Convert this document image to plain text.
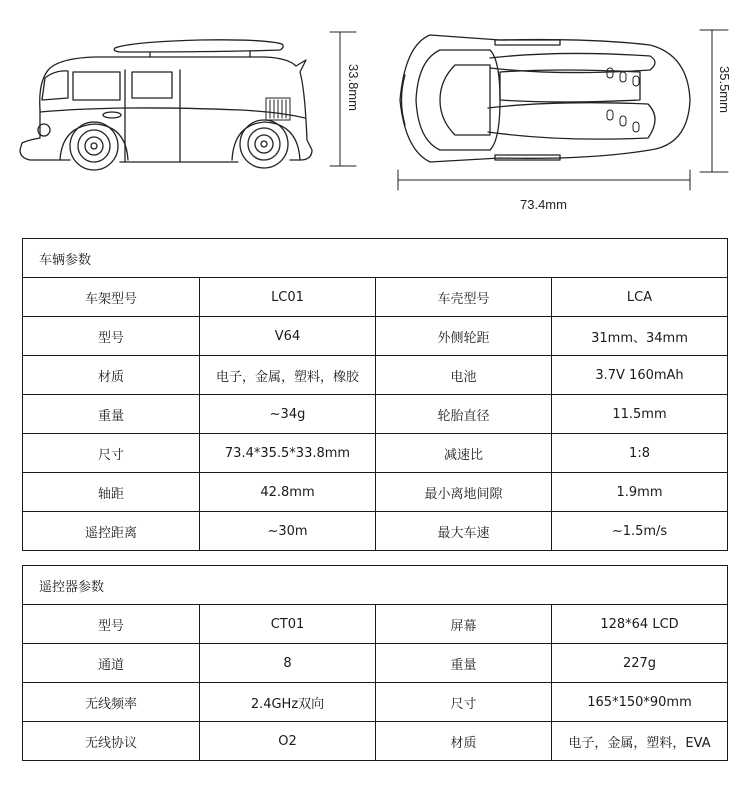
33.8mm	35.5mm
73.4mm
车辆参数			
车架型号	LC01	车壳型号	LCA
型号	V64	外侧轮距	31mm、34mm
材质	电子，金属，塑料，橡胶	电池	3.7V 160mAh
重量	~34g	轮胎直径	11.5mm
尺寸	73.4*35.5*33.8mm	减速比	1:8
轴距	42.8mm	最小离地间隙	1.9mm
遥控距离	~30m	最大车速	~1.5m/s
遥控器参数			
型号	CT01	屏幕	128*64 LCD
通道	8	重量	227g
无线频率	2.4GHz双向	尺寸	165*150*90mm
无线协议	O2	材质	电子，金属，塑料，EVA
